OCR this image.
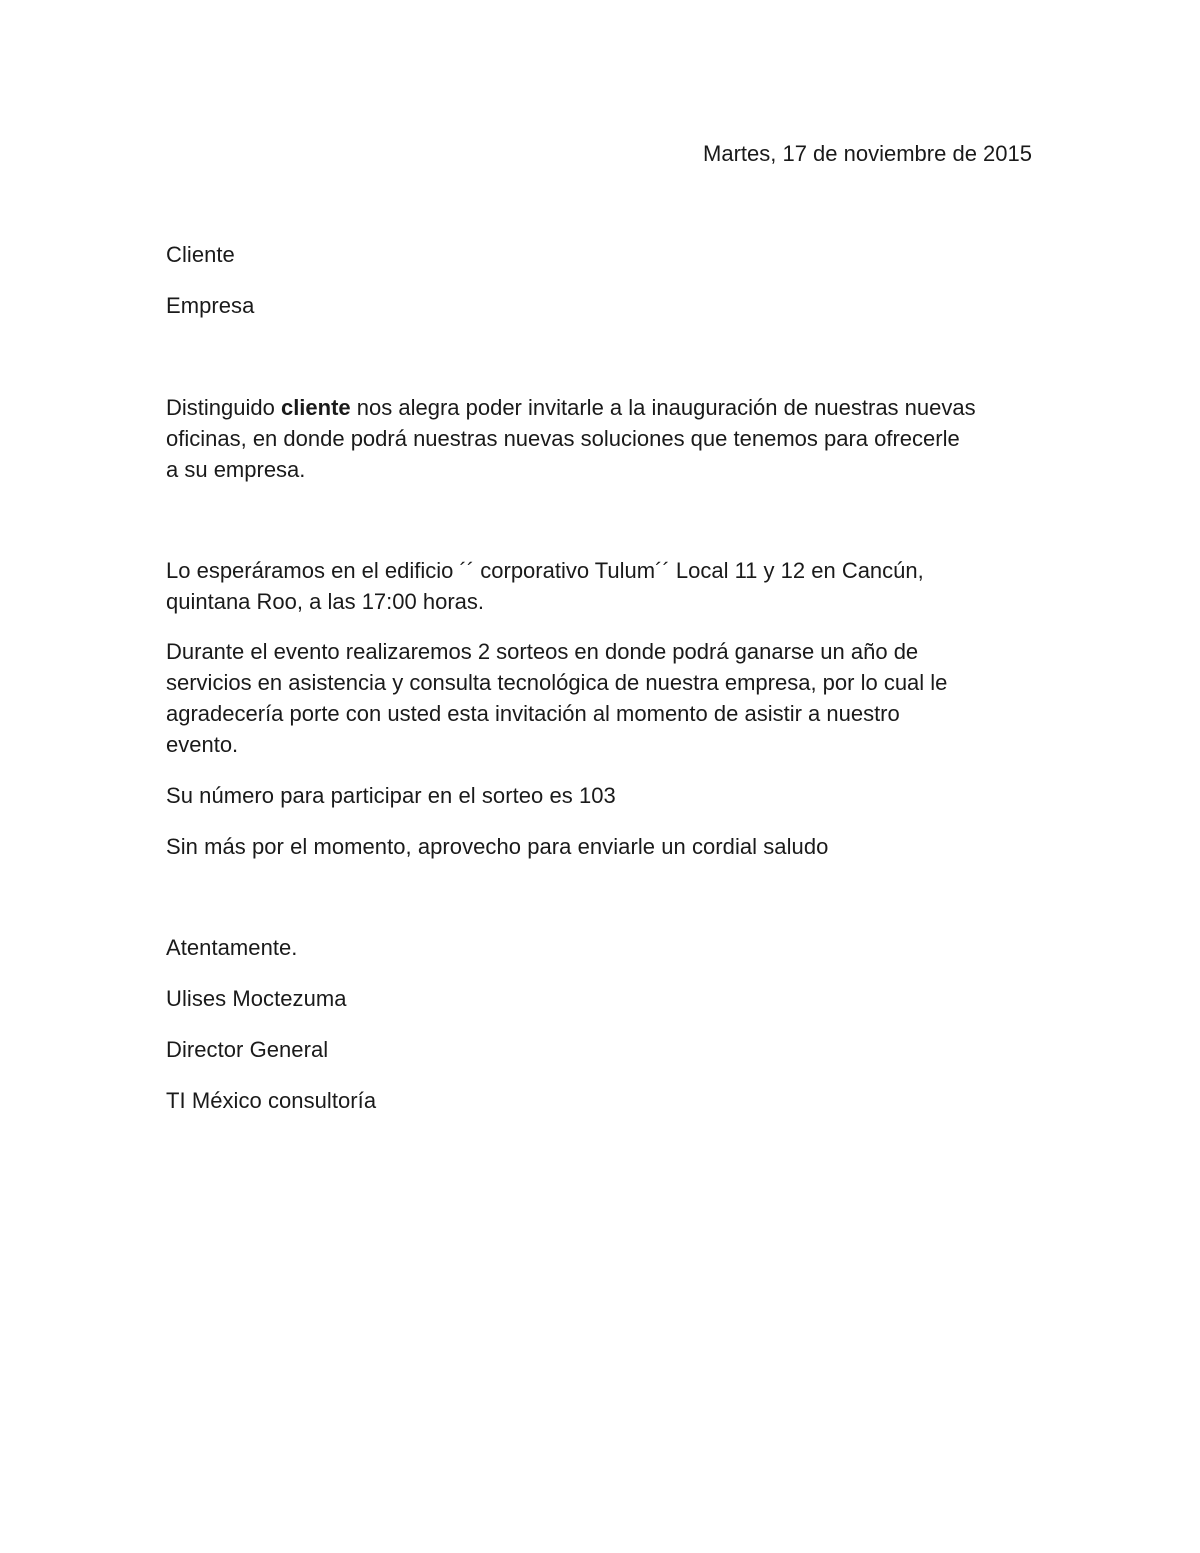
Martes, 17 de noviembre de 2015
Cliente
Empresa
Distinguido cliente nos alegra poder invitarle a la inauguración de nuestras nuevas
oficinas, en donde podrá nuestras nuevas soluciones que tenemos para ofrecerle
a su empresa.
Lo esperáramos en el edificio ´´ corporativo Tulum´´ Local 11 y 12 en Cancún,
quintana Roo, a las 17:00 horas.
Durante el evento realizaremos 2 sorteos en donde podrá ganarse un año de
servicios en asistencia y consulta tecnológica de nuestra empresa, por lo cual le
agradecería porte con usted esta invitación al momento de asistir a nuestro
evento.
Su número para participar en el sorteo es 103
Sin más por el momento, aprovecho para enviarle un cordial saludo
Atentamente.
Ulises Moctezuma
Director General
TI México consultoría
